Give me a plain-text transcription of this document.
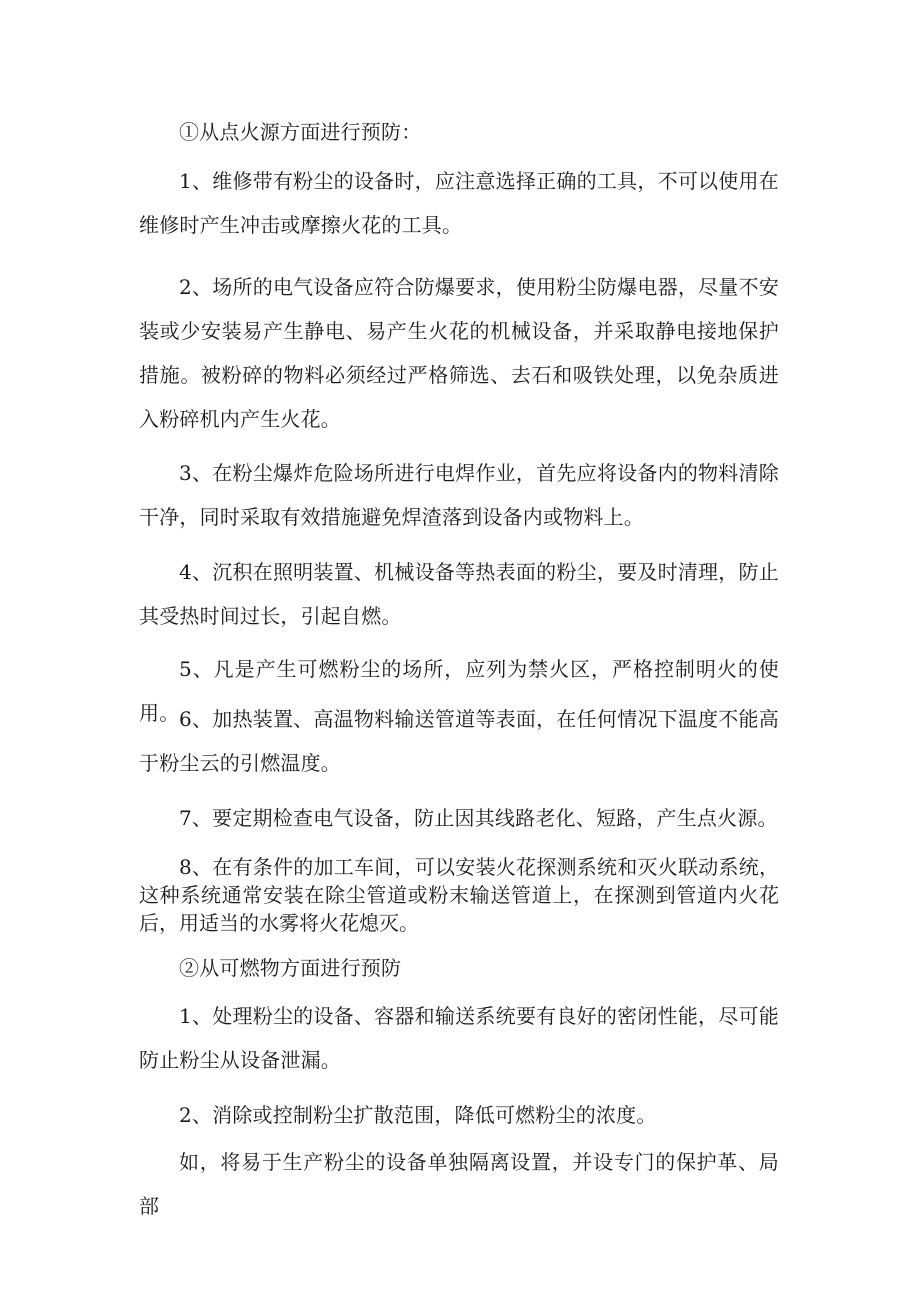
①从点火源方面进行预防：

1、维修带有粉尘的设备时，应注意选择正确的工具，不可以使用在维修时产生冲击或摩擦火花的工具。

2、场所的电气设备应符合防爆要求，使用粉尘防爆电器，尽量不安装或少安装易产生静电、易产生火花的机械设备，并采取静电接地保护措施。被粉碎的物料必须经过严格筛选、去石和吸铁处理，以免杂质进入粉碎机内产生火花。

3、在粉尘爆炸危险场所进行电焊作业，首先应将设备内的物料清除干净，同时采取有效措施避免焊渣落到设备内或物料上。

4、沉积在照明装置、机械设备等热表面的粉尘，要及时清理，防止其受热时间过长，引起自燃。

5、凡是产生可燃粉尘的场所，应列为禁火区，严格控制明火的使用。 6、加热装置、高温物料输送管道等表面，在任何情况下温度不能高于粉尘云的引燃温度。

7、要定期检查电气设备，防止因其线路老化、短路，产生点火源。

8、在有条件的加工车间，可以安装火花探测系统和灭火联动系统，这种系统通常安装在除尘管道或粉末输送管道上，在探测到管道内火花后，用适当的水雾将火花熄灭。

②从可燃物方面进行预防

1、处理粉尘的设备、容器和输送系统要有良好的密闭性能，尽可能防止粉尘从设备泄漏。

2、消除或控制粉尘扩散范围，降低可燃粉尘的浓度。

如，将易于生产粉尘的设备单独隔离设置，并设专门的保护革、局部
